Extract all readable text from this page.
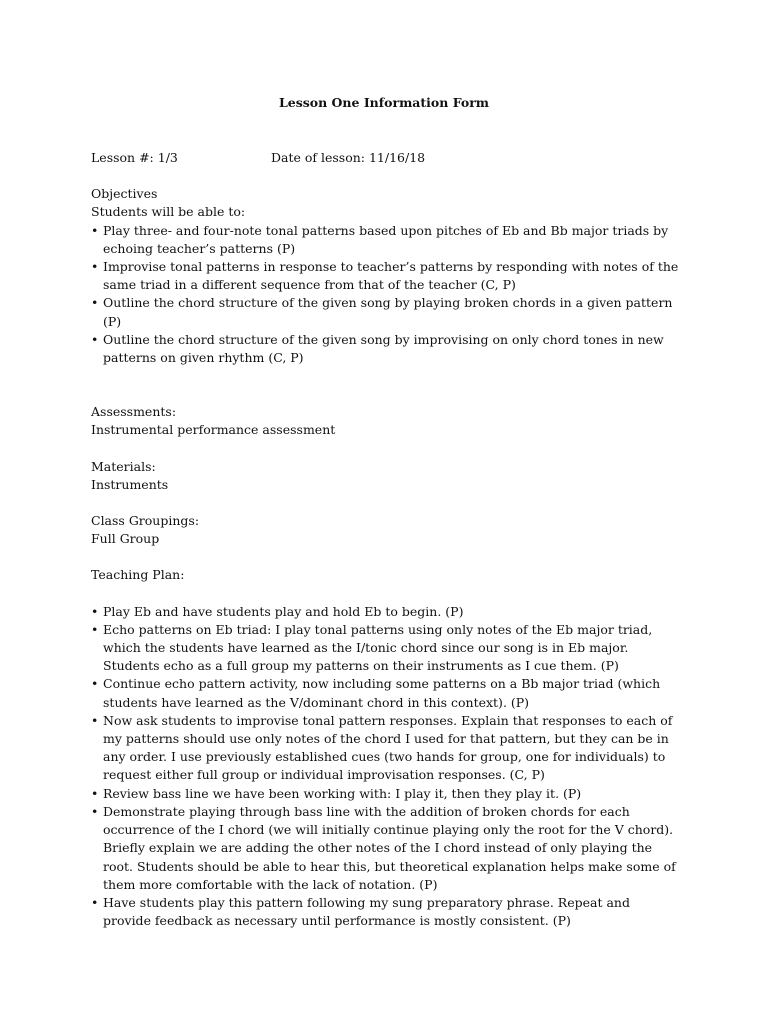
Lesson One Information Form
Lesson #: 1/3	Date of lesson: 11/16/18
Objectives
Students will be able to:
• Play three- and four-note tonal patterns based upon pitches of Eb and Bb major triads by echoing teacher’s patterns (P)
• Improvise tonal patterns in response to teacher’s patterns by responding with notes of the same triad in a different sequence from that of the teacher (C, P)
• Outline the chord structure of the given song by playing broken chords in a given pattern (P)
• Outline the chord structure of the given song by improvising on only chord tones in new patterns on given rhythm (C, P)
Assessments:
Instrumental performance assessment
Materials:
Instruments
Class Groupings:
Full Group
Teaching Plan:
• Play Eb and have students play and hold Eb to begin. (P)
• Echo patterns on Eb triad: I play tonal patterns using only notes of the Eb major triad, which the students have learned as the I/tonic chord since our song is in Eb major. Students echo as a full group my patterns on their instruments as I cue them. (P)
• Continue echo pattern activity, now including some patterns on a Bb major triad (which students have learned as the V/dominant chord in this context). (P)
• Now ask students to improvise tonal pattern responses. Explain that responses to each of my patterns should use only notes of the chord I used for that pattern, but they can be in any order. I use previously established cues (two hands for group, one for individuals) to request either full group or individual improvisation responses. (C, P)
• Review bass line we have been working with: I play it, then they play it. (P)
• Demonstrate playing through bass line with the addition of broken chords for each occurrence of the I chord (we will initially continue playing only the root for the V chord). Briefly explain we are adding the other notes of the I chord instead of only playing the root. Students should be able to hear this, but theoretical explanation helps make some of them more comfortable with the lack of notation. (P)
• Have students play this pattern following my sung preparatory phrase. Repeat and provide feedback as necessary until performance is mostly consistent. (P)
